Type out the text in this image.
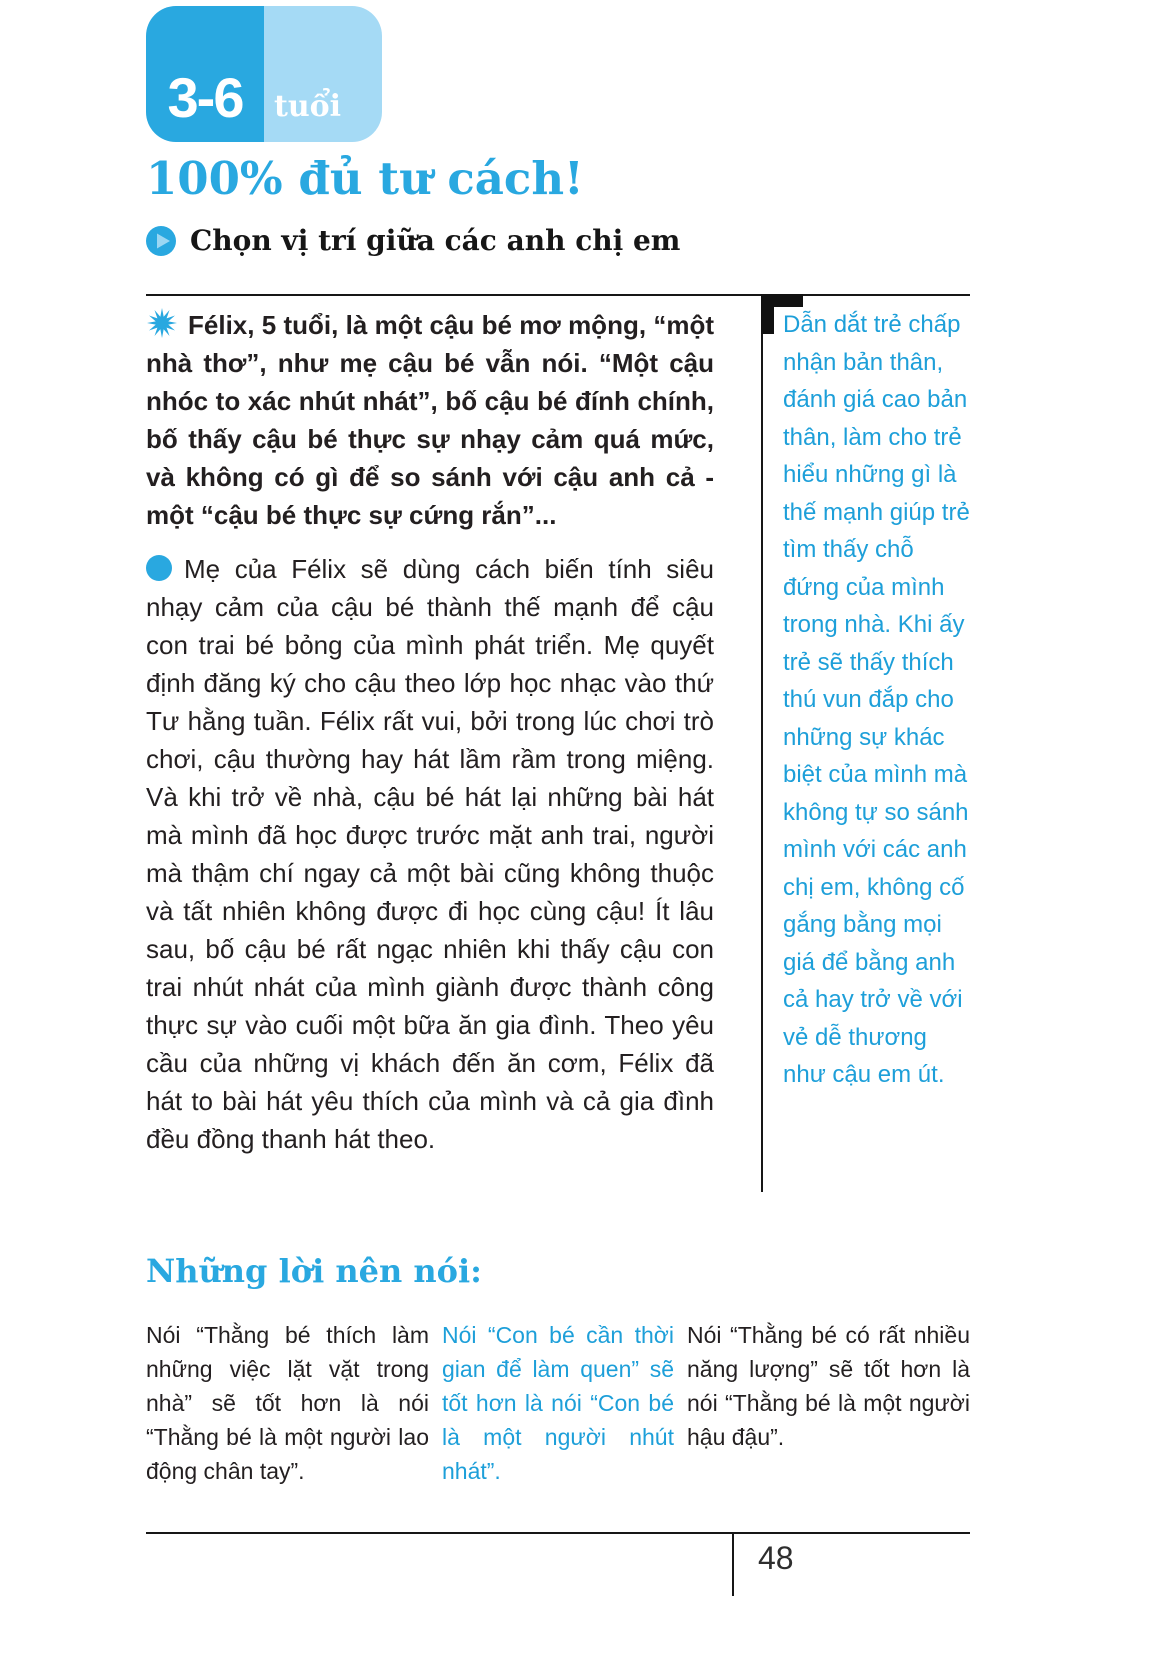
3-6	tuổi
100% đủ tư cách!
Chọn vị trí giữa các anh chị em

Félix, 5 tuổi, là một cậu bé mơ mộng, “một nhà thơ”, như mẹ cậu bé vẫn nói. “Một cậu nhóc to xác nhút nhát”, bố cậu bé đính chính, bố thấy cậu bé thực sự nhạy cảm quá mức, và không có gì để so sánh với cậu anh cả - một “cậu bé thực sự cứng rắn”...

Mẹ của Félix sẽ dùng cách biến tính siêu nhạy cảm của cậu bé thành thế mạnh để cậu con trai bé bỏng của mình phát triển. Mẹ quyết định đăng ký cho cậu theo lớp học nhạc vào thứ Tư hằng tuần. Félix rất vui, bởi trong lúc chơi trò chơi, cậu thường hay hát lầm rầm trong miệng. Và khi trở về nhà, cậu bé hát lại những bài hát mà mình đã học được trước mặt anh trai, người mà thậm chí ngay cả một bài cũng không thuộc và tất nhiên không được đi học cùng cậu! Ít lâu sau, bố cậu bé rất ngạc nhiên khi thấy cậu con trai nhút nhát của mình giành được thành công thực sự vào cuối một bữa ăn gia đình. Theo yêu cầu của những vị khách đến ăn cơm, Félix đã hát to bài hát yêu thích của mình và cả gia đình đều đồng thanh hát theo.

Dẫn dắt trẻ chấp nhận bản thân, đánh giá cao bản thân, làm cho trẻ hiểu những gì là thế mạnh giúp trẻ tìm thấy chỗ đứng của mình trong nhà. Khi ấy trẻ sẽ thấy thích thú vun đắp cho những sự khác biệt của mình mà không tự so sánh mình với các anh chị em, không cố gắng bằng mọi giá để bằng anh cả hay trở về với vẻ dễ thương như cậu em út.
Những lời nên nói:

Nói “Thằng bé thích làm những việc lặt vặt trong nhà” sẽ tốt hơn là nói “Thằng bé là một người lao động chân tay”.

Nói “Con bé cần thời gian để làm quen” sẽ tốt hơn là nói “Con bé là một người nhút nhát”.

Nói “Thằng bé có rất nhiều năng lượng” sẽ tốt hơn là nói “Thằng bé là một người hậu đậu”.

48
